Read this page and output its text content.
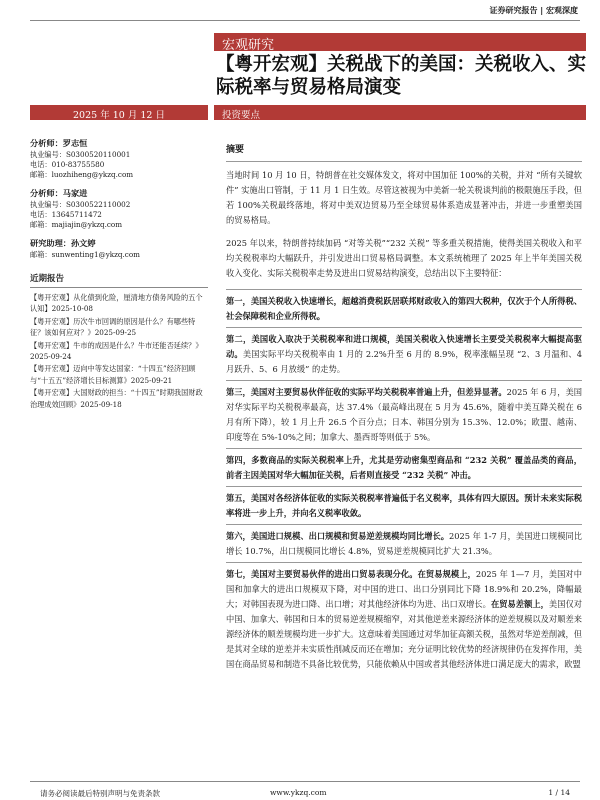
证券研究报告 | 宏观深度
宏观研究
【粤开宏观】关税战下的美国：关税收入、实际税率与贸易格局演变
2025 年 10 月 12 日	投资要点
分析师：罗志恒
执业编号：S0300520110001
电话：010-83755580
邮箱：luozhiheng@ykzq.com
分析师：马家进
执业编号：S0300522110002
电话：13645711472
邮箱：majiajin@ykzq.com
研究助理：孙文婷
邮箱：sunwenting1@ykzq.com
近期报告
【粤开宏观】从化债到化险，厘清地方债务风险的五个认知】2025-10-08
【粤开宏观】历次牛市回调的原因是什么？有哪些特征？该如何应对？》2025-09-25
【粤开宏观】牛市的成因是什么？牛市还能否延续？》2025-09-24
【粤开宏观】迈向中等发达国家：“十四五”经济回顾与“十五五”经济增长目标测算》2025-09-21
【粤开宏观】大国财政的担当：“十四五”时期我国财政治理成效回顾》2025-09-18
摘要

当地时间 10 月 10 日，特朗普在社交媒体发文，将对中国加征 100%的关税，并对 “所有关键软件” 实施出口管制，于 11 月 1 日生效。尽管这被视为中美新一轮关税谈判前的极限施压手段，但若 100%关税最终落地，将对中美双边贸易乃至全球贸易体系造成显著冲击，并进一步重塑美国的贸易格局。

2025 年以来，特朗普持续加码 “对等关税”“232 关税” 等多重关税措施，使得美国关税收入和平均关税税率均大幅跃升，并引发进出口贸易格局调整。本文系统梳理了 2025 年上半年美国关税收入变化、实际关税税率走势及进出口贸易结构演变，总结出以下主要特征：

第一，美国关税收入快速增长，超越消费税跃居联邦财政收入的第四大税种，仅次于个人所得税、社会保障税和企业所得税。

第二，美国收入取决于关税税率和进口规模，美国关税收入快速增长主要受关税税率大幅提高驱动。美国实际平均关税税率由 1 月的 2.2%升至 6 月的 8.9%，税率涨幅呈现 “2、3 月温和、4 月跃升、5、6 月放缓” 的走势。

第三，美国对主要贸易伙伴征收的实际平均关税税率普遍上升，但差异显著。2025 年 6 月，美国对华实际平均关税税率最高，达 37.4%（最高峰出现在 5 月为 45.6%，随着中美互降关税在 6 月有所下降），较 1 月上升 26.5 个百分点；日本、韩国分别为 15.3%、12.0%；欧盟、越南、印度等在 5%-10%之间；加拿大、墨西哥等则低于 5%。

第四，多数商品的实际关税税率上升，尤其是劳动密集型商品和 “232 关税” 覆盖品类的商品，前者主因美国对华大幅加征关税，后者则直接受 “232 关税” 冲击。

第五，美国对各经济体征收的实际关税税率普遍低于名义税率，具体有四大原因。预计未来实际税率将进一步上升，并向名义税率收敛。

第六，美国进口规模、出口规模和贸易逆差规模均同比增长。2025 年 1-7 月，美国进口规模同比增长 10.7%，出口规模同比增长 4.8%，贸易逆差规模同比扩大 21.3%。

第七，美国对主要贸易伙伴的进出口贸易表现分化。在贸易规模上，2025 年 1—7 月，美国对中国和加拿大的进出口规模双下降，对中国的进口、出口分别同比下降 18.9%和 20.2%，降幅最大；对韩国表现为进口降、出口增；对其他经济体均为进、出口双增长。在贸易差额上，美国仅对中国、加拿大、韩国和日本的贸易逆差规模缩窄，对其他逆差来源经济体的逆差规模以及对顺差来源经济体的顺差规模均进一步扩大。这意味着美国通过对华加征高额关税，虽然对华逆差削减，但是其对全球的逆差并未实质性削减反而还在增加；充分证明比较优势的经济规律仍在发挥作用，美国在商品贸易和制造不具备比较优势，只能依赖从中国或者其他经济体进口满足庞大的需求，欧盟

请务必阅读最后特别声明与免责条款	www.ykzq.com	1 / 14
